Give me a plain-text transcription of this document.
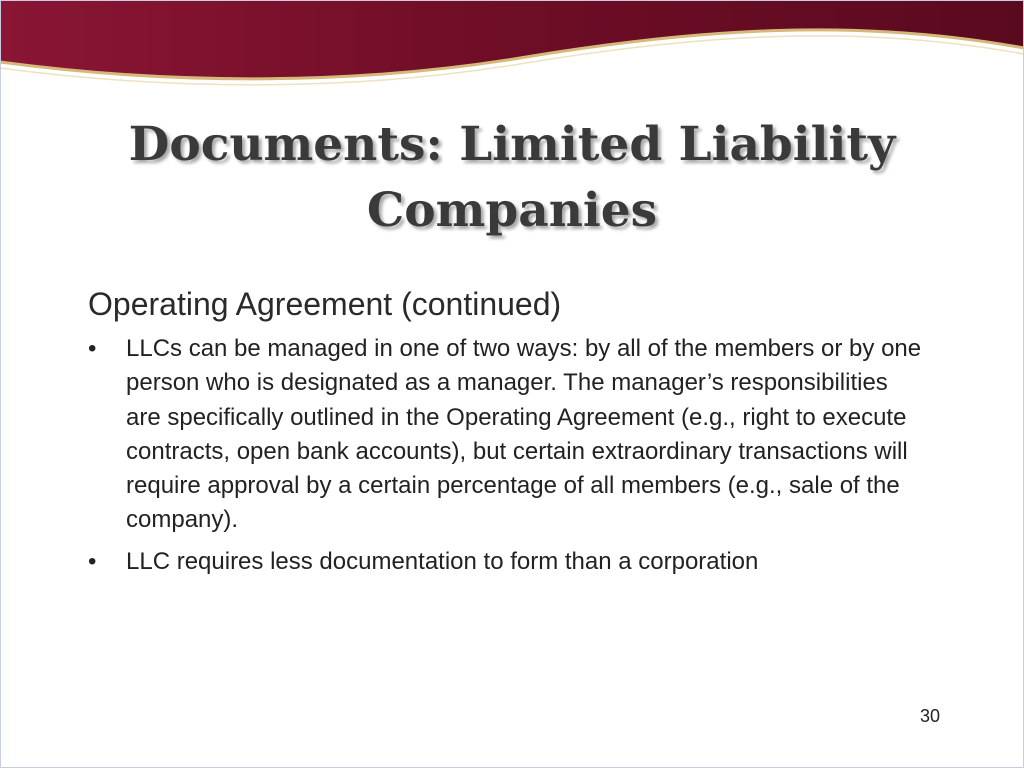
Documents: Limited Liability
Companies
Operating Agreement (continued)
•	LLCs can be managed in one of two ways: by all of the members or by one person who is designated as a manager. The manager’s responsibilities are specifically outlined in the Operating Agreement (e.g., right to execute contracts, open bank accounts), but certain extraordinary transactions will require approval by a certain percentage of all members (e.g., sale of the company).
•	LLC requires less documentation to form than a corporation
30
